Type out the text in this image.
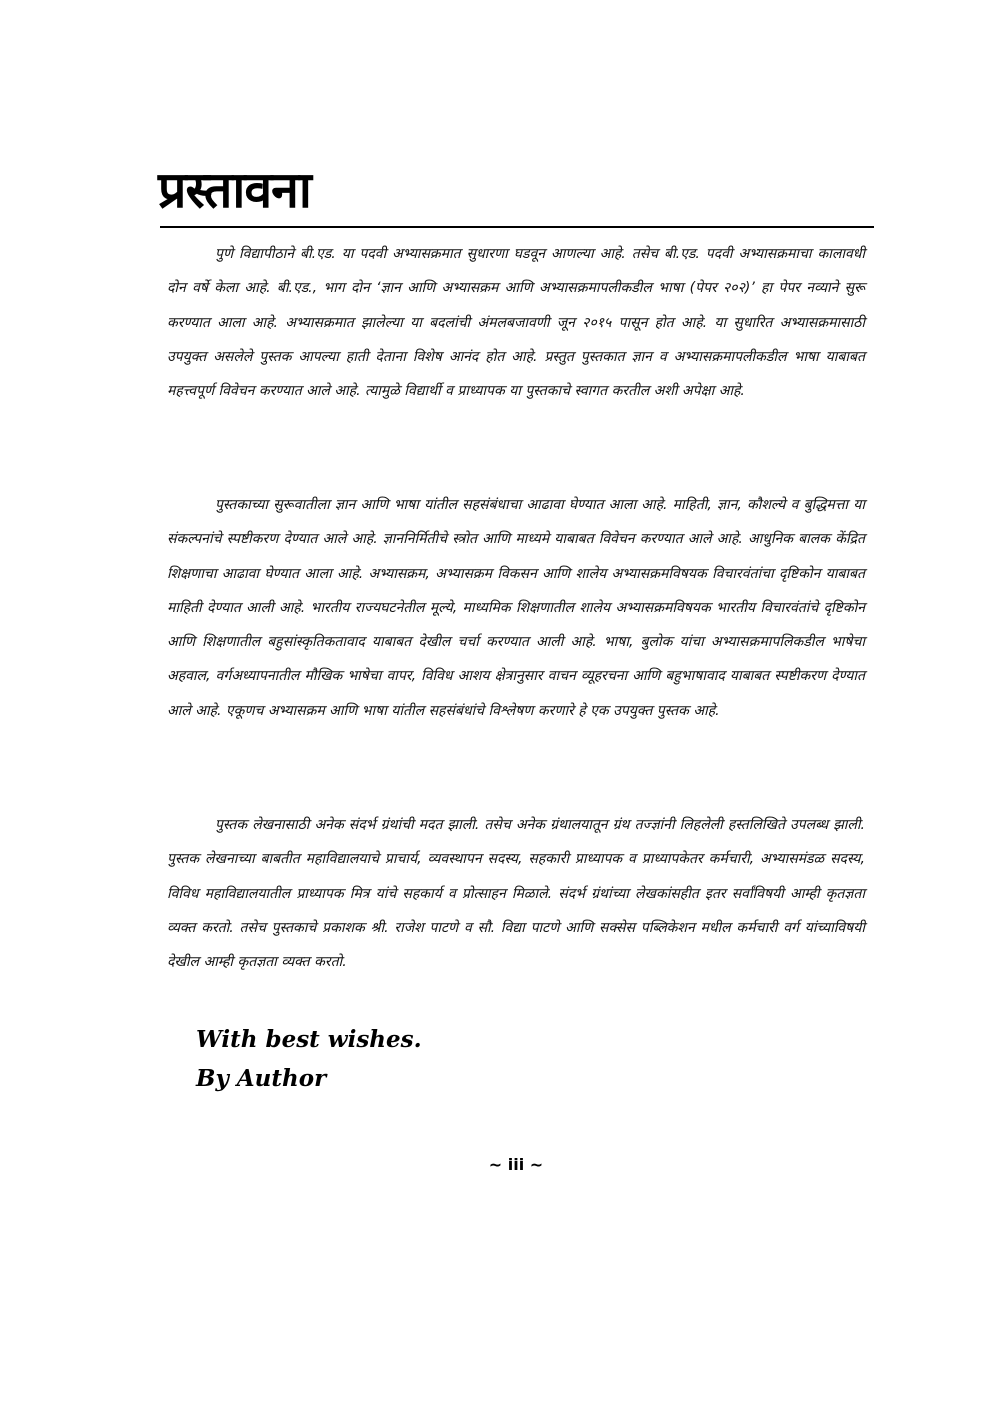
प्रस्तावना

पुणे विद्यापीठाने बी.एड. या पदवी अभ्यासक्रमात सुधारणा घडवून आणल्या आहे. तसेच बी.एड. पदवी अभ्यासक्रमाचा कालावधी दोन वर्षे केला आहे. बी.एड., भाग दोन ‘ज्ञान आणि अभ्यासक्रम आणि अभ्यासक्रमापलीकडील भाषा (पेपर २०२)’ हा पेपर नव्याने सुरू करण्यात आला आहे. अभ्यासक्रमात झालेल्या या बदलांची अंमलबजावणी जून २०१५ पासून होत आहे. या सुधारित अभ्यासक्रमासाठी उपयुक्त असलेले पुस्तक आपल्या हाती देताना विशेष आनंद होत आहे. प्रस्तुत पुस्तकात ज्ञान व अभ्यासक्रमापलीकडील भाषा याबाबत महत्त्वपूर्ण विवेचन करण्यात आले आहे. त्यामुळे विद्यार्थी व प्राध्यापक या पुस्तकाचे स्वागत करतील अशी अपेक्षा आहे.

पुस्तकाच्या सुरूवातीला ज्ञान आणि भाषा यांतील सहसंबंधाचा आढावा घेण्यात आला आहे. माहिती, ज्ञान, कौशल्ये व बुद्धिमत्ता या संकल्पनांचे स्पष्टीकरण देण्यात आले आहे. ज्ञाननिर्मितीचे स्त्रोत आणि माध्यमे याबाबत विवेचन करण्यात आले आहे. आधुनिक बालक केंद्रित शिक्षणाचा आढावा घेण्यात आला आहे. अभ्यासक्रम, अभ्यासक्रम विकसन आणि शालेय अभ्यासक्रमविषयक विचारवंतांचा दृष्टिकोन याबाबत माहिती देण्यात आली आहे. भारतीय राज्यघटनेतील मूल्ये, माध्यमिक शिक्षणातील शालेय अभ्यासक्रमविषयक भारतीय विचारवंतांचे दृष्टिकोन आणि शिक्षणातील बहुसांस्कृतिकतावाद याबाबत देखील चर्चा करण्यात आली आहे. भाषा, बुलोक यांचा अभ्यासक्रमापलिकडील भाषेचा अहवाल, वर्गअध्यापनातील मौखिक भाषेचा वापर, विविध आशय क्षेत्रानुसार वाचन व्यूहरचना आणि बहुभाषावाद याबाबत स्पष्टीकरण देण्यात आले आहे. एकूणच अभ्यासक्रम आणि भाषा यांतील सहसंबंधांचे विश्लेषण करणारे हे एक उपयुक्त पुस्तक आहे.

पुस्तक लेखनासाठी अनेक संदर्भ ग्रंथांची मदत झाली. तसेच अनेक ग्रंथालयातून ग्रंथ तज्ज्ञांनी लिहलेली हस्तलिखिते उपलब्ध झाली. पुस्तक लेखनाच्या बाबतीत महाविद्यालयाचे प्राचार्य, व्यवस्थापन सदस्य, सहकारी प्राध्यापक व प्राध्यापकेतर कर्मचारी, अभ्यासमंडळ सदस्य, विविध महाविद्यालयातील प्राध्यापक मित्र यांचे सहकार्य व प्रोत्साहन मिळाले. संदर्भ ग्रंथांच्या लेखकांसहीत इतर सर्वांविषयी आम्ही कृतज्ञता व्यक्त करतो. तसेच पुस्तकाचे प्रकाशक श्री. राजेश पाटणे व सौ. विद्या पाटणे आणि सक्सेस पब्लिकेशन मधील कर्मचारी वर्ग यांच्याविषयी देखील आम्ही कृतज्ञता व्यक्त करतो.

With best wishes.

By Author

~ iii ~
